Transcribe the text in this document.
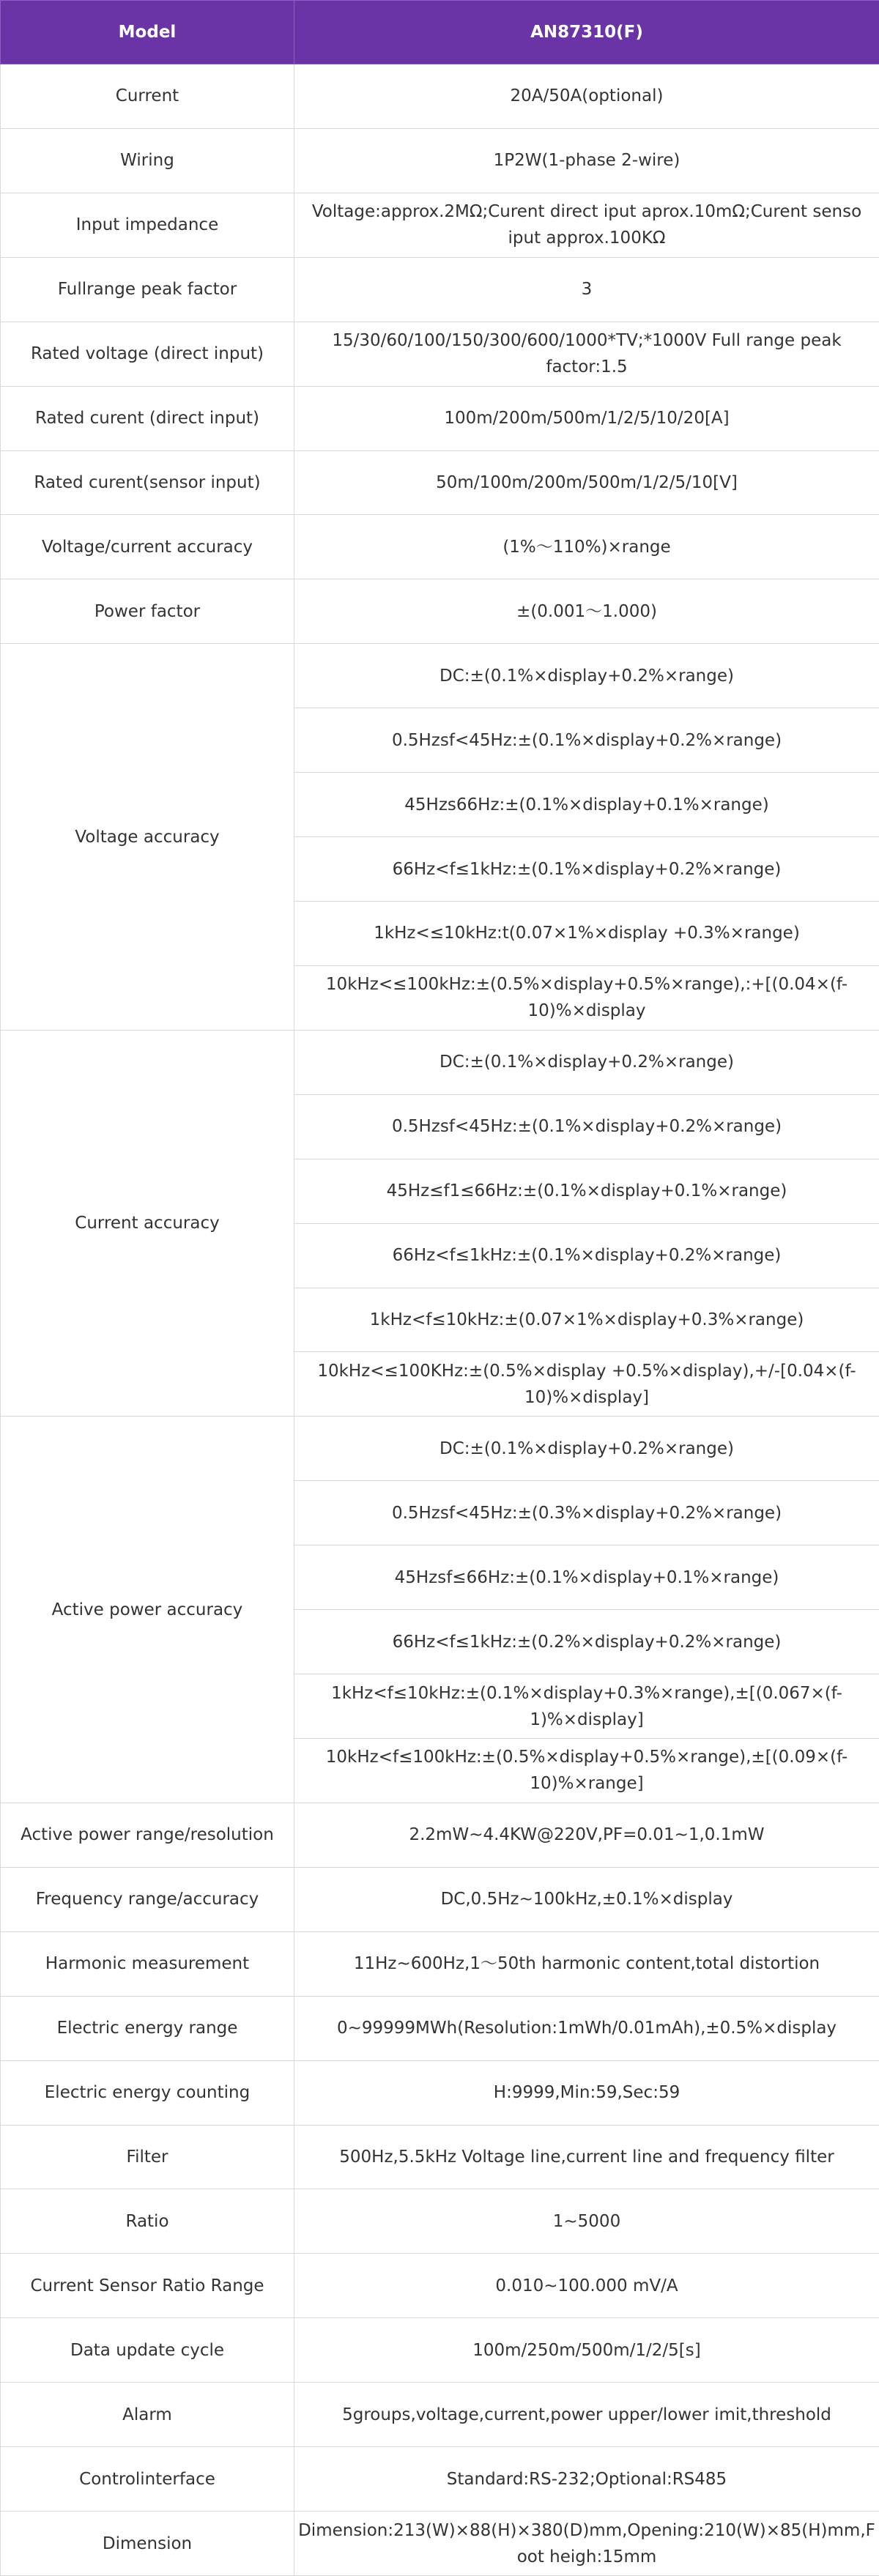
Model	AN87310(F)
Current	20A/50A(optional)
Wiring	1P2W(1-phase 2-wire)
Input impedance	Voltage:approx.2MΩ;Curent direct iput aprox.10mΩ;Curent senso iput approx.100KΩ
Fullrange peak factor	3
Rated voltage (direct input)	15/30/60/100/150/300/600/1000*TV;*1000V Full range peak factor:1.5
Rated curent (direct input)	100m/200m/500m/1/2/5/10/20[A]
Rated curent(sensor input)	50m/100m/200m/500m/1/2/5/10[V]
Voltage/current accuracy	(1%～110%)×range
Power factor	±(0.001～1.000)
Voltage accuracy	DC:±(0.1%×display+0.2%×range)
	0.5Hzsf<45Hz:±(0.1%×display+0.2%×range)
	45Hzs66Hz:±(0.1%×display+0.1%×range)
	66Hz<f≤1kHz:±(0.1%×display+0.2%×range)
	1kHz<≤10kHz:t(0.07×1%×display +0.3%×range)
	10kHz<≤100kHz:±(0.5%×display+0.5%×range),:+[(0.04×(f-10)%×display
Current accuracy	DC:±(0.1%×display+0.2%×range)
	0.5Hzsf<45Hz:±(0.1%×display+0.2%×range)
	45Hz≤f1≤66Hz:±(0.1%×display+0.1%×range)
	66Hz<f≤1kHz:±(0.1%×display+0.2%×range)
	1kHz<f≤10kHz:±(0.07×1%×display+0.3%×range)
	10kHz<≤100KHz:±(0.5%×display +0.5%×display),+/-[0.04×(f-10)%×display]
Active power accuracy	DC:±(0.1%×display+0.2%×range)
	0.5Hzsf<45Hz:±(0.3%×display+0.2%×range)
	45Hzsf≤66Hz:±(0.1%×display+0.1%×range)
	66Hz<f≤1kHz:±(0.2%×display+0.2%×range)
	1kHz<f≤10kHz:±(0.1%×display+0.3%×range),±[(0.067×(f-1)%×display]
	10kHz<f≤100kHz:±(0.5%×display+0.5%×range),±[(0.09×(f-10)%×range]
Active power range/resolution	2.2mW~4.4KW@220V,PF=0.01~1,0.1mW
Frequency range/accuracy	DC,0.5Hz~100kHz,±0.1%×display
Harmonic measurement	11Hz~600Hz,1～50th harmonic content,total distortion
Electric energy range	0~99999MWh(Resolution:1mWh/0.01mAh),±0.5%×display
Electric energy counting	H:9999,Min:59,Sec:59
Filter	500Hz,5.5kHz Voltage line,current line and frequency filter
Ratio	1~5000
Current Sensor Ratio Range	0.010~100.000 mV/A
Data update cycle	100m/250m/500m/1/2/5[s]
Alarm	5groups,voltage,current,power upper/lower imit,threshold
Controlinterface	Standard:RS-232;Optional:RS485
Dimension	Dimension:213(W)×88(H)×380(D)mm,Opening:210(W)×85(H)mm,Foot heigh:15mm
